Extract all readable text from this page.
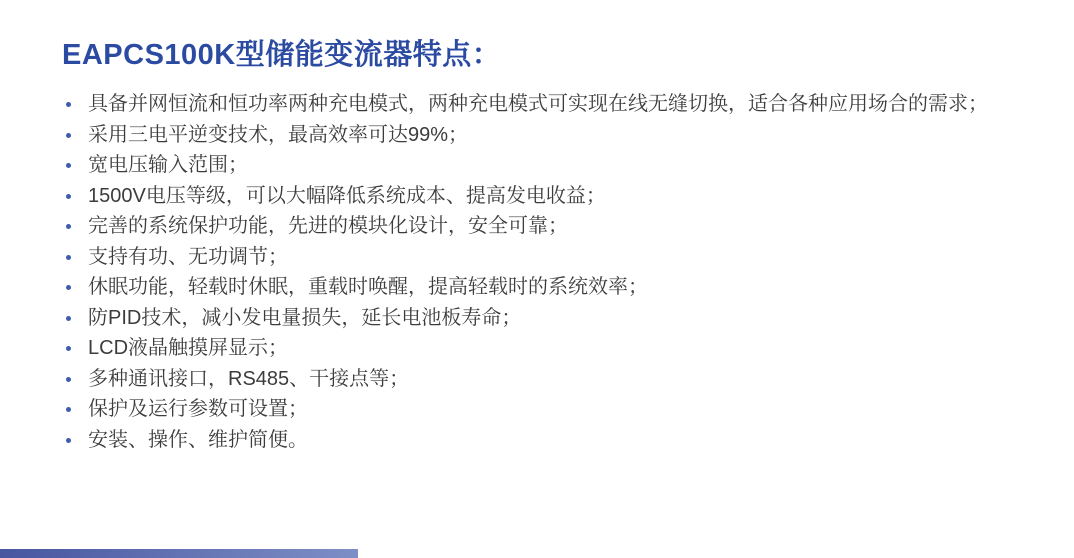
EAPCS100K型储能变流器特点：
具备并网恒流和恒功率两种充电模式，两种充电模式可实现在线无缝切换，适合各种应用场合的需求；
采用三电平逆变技术，最高效率可达99%；
宽电压输入范围；
1500V电压等级，可以大幅降低系统成本、提高发电收益；
完善的系统保护功能，先进的模块化设计，安全可靠；
支持有功、无功调节；
休眠功能，轻载时休眠，重载时唤醒，提高轻载时的系统效率；
防PID技术，减小发电量损失，延长电池板寿命；
LCD液晶触摸屏显示；
多种通讯接口，RS485、干接点等；
保护及运行参数可设置；
安装、操作、维护简便。
